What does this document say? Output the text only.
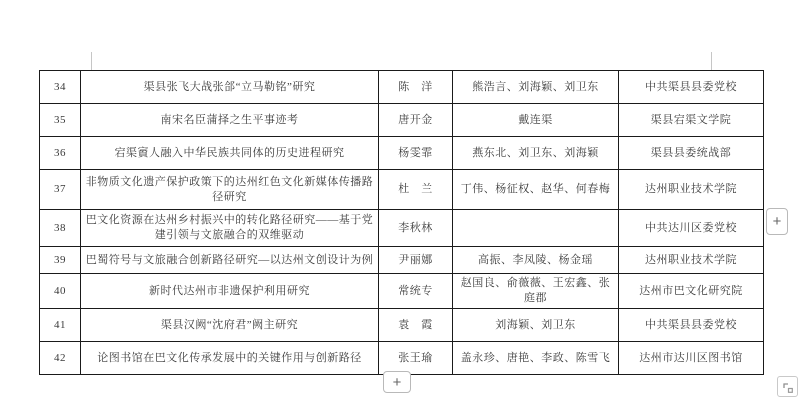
34	渠县张飞大战张郃“立马勒铭”研究	陈　洋	熊浩言、刘海颖、刘卫东	中共渠县县委党校
35	南宋名臣蒲择之生平事迹考	唐开金	戴连渠	渠县宕渠文学院
36	宕渠賨人融入中华民族共同体的历史进程研究	杨雯霏	燕东北、刘卫东、刘海颖	渠县县委统战部
37	非物质文化遗产保护政策下的达州红色文化新媒体传播路径研究	杜　兰	丁伟、杨征权、赵华、何春梅	达州职业技术学院
38	巴文化资源在达州乡村振兴中的转化路径研究——基于党建引领与文旅融合的双维驱动	李秋林		中共达川区委党校
39	巴蜀符号与文旅融合创新路径研究—以达州文创设计为例	尹丽娜	高振、李凤陵、杨金瑶	达州职业技术学院
40	新时代达州市非遗保护利用研究	常统专	赵国良、俞薇薇、王宏鑫、张庭郡	达州市巴文化研究院
41	渠县汉阙“沈府君”阙主研究	袁　霞	刘海颖、刘卫东	中共渠县县委党校
42	论图书馆在巴文化传承发展中的关键作用与创新路径	张王瑜	盖永珍、唐艳、李政、陈雪飞	达州市达川区图书馆
+
+
